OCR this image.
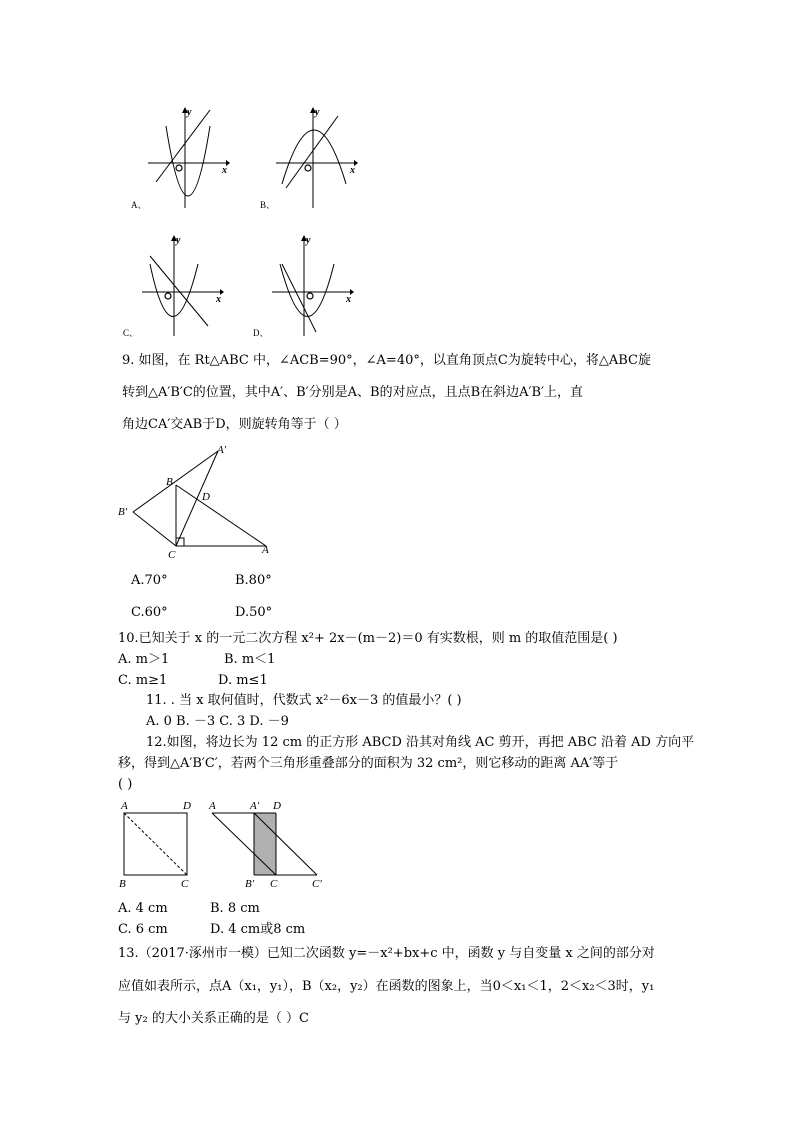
y
x
A、
y
x
B、
y
x
C、
y
x
D、
9. 如图，在 Rt△ABC 中，∠ACB=90°，∠A=40°，以直角顶点C为旋转中心，将△ABC旋
转到△A′B′C的位置，其中A′、B′分别是A、B的对应点，且点B在斜边A′B′上，直
角边CA′交AB于D，则旋转角等于（ ）
A′
B
D
B′
C	A
A.70°	B.80°
C.60°	D.50°
10.已知关于 x 的一元二次方程 x²+ 2x－(m－2)＝0 有实数根，则 m 的取值范围是( )
A. m＞1	B. m＜1
C. m≥1	D. m≤1
11. . 当 x 取何值时，代数式 x²－6x－3 的值最小？( )
A. 0 B. －3 C. 3 D. －9
12.如图，将边长为 12 cm 的正方形 ABCD 沿其对角线 AC 剪开，再把 ABC 沿着 AD 方向平
移，得到△A′B′C′，若两个三角形重叠部分的面积为 32 cm²，则它移动的距离 AA′等于
( )
A	D
B	C
A	A′ D
B′ C	C′
A. 4 cm	B. 8 cm
C. 6 cm	D. 4 cm或8 cm
13.（2017·涿州市一模）已知二次函数 y=－x²+bx+c 中，函数 y 与自变量 x 之间的部分对
应值如表所示，点A（x₁，y₁），B（x₂，y₂）在函数的图象上，当0＜x₁＜1，2＜x₂＜3时，y₁
与 y₂ 的大小关系正确的是（ ）C
